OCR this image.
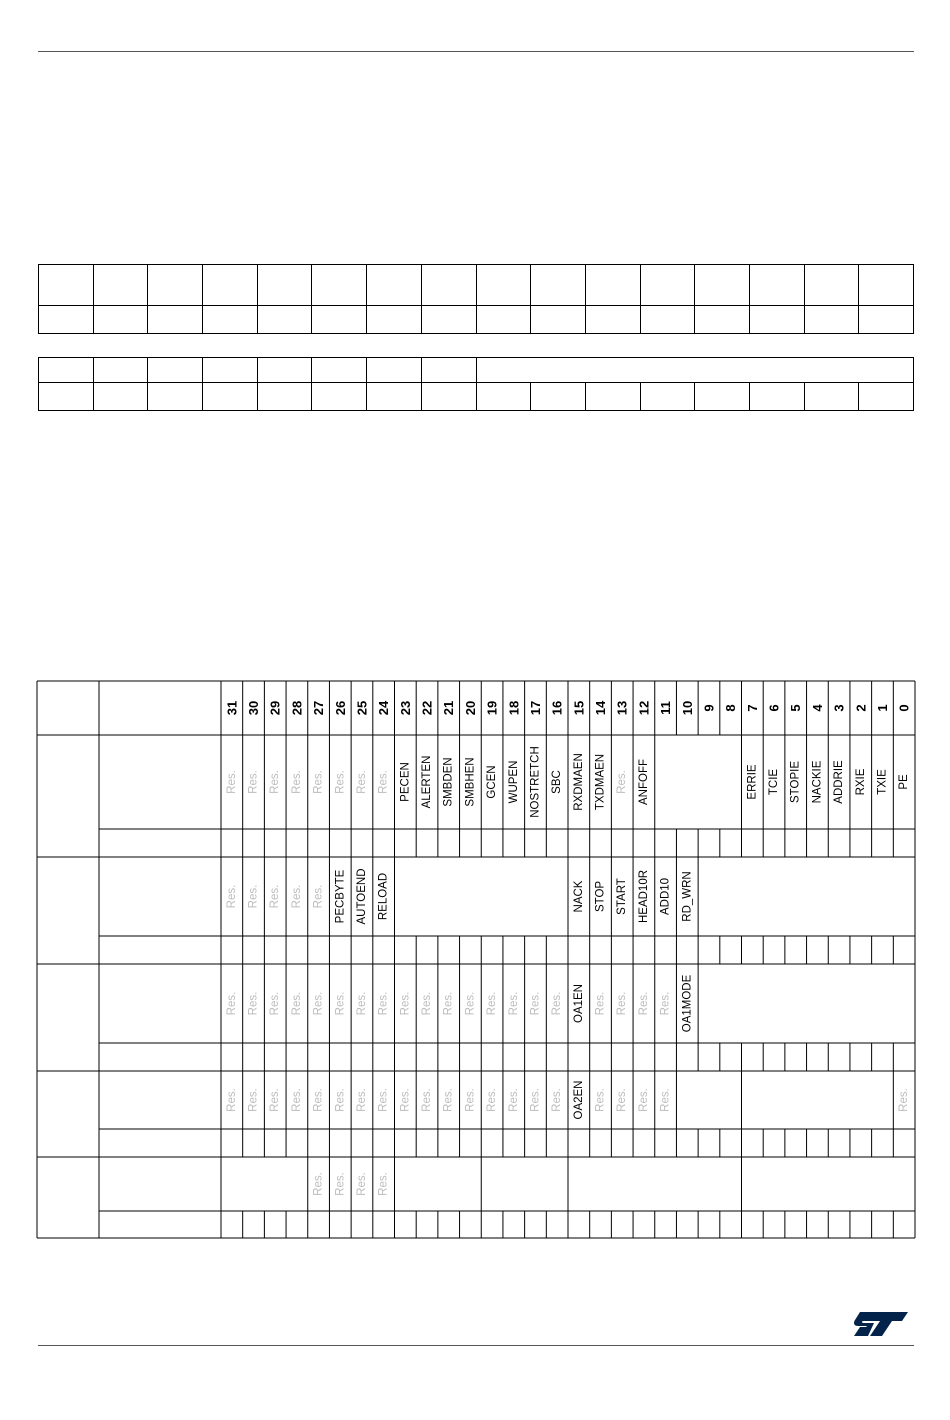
31 30 29 28 27 26 25 24 23 22 21 20 19 18 17 16 15 14 13 12 11 10 9 8 7 6 5 4 3 2 1 0
Res. Res. Res. Res. Res. Res. Res. Res. PECEN ALERTEN SMBDEN SMBHEN GCEN WUPEN NOSTRETCH SBC RXDMAEN TXDMAEN Res. ANFOFF	ERRIE TCIE STOPIE NACKIE ADDRIE RXIE TXIE PE
Res. Res. Res. Res. Res. PECBYTE AUTOEND RELOAD	NACK STOP START HEAD10R ADD10 RD_WRN
Res. Res. Res. Res. Res. Res. Res. Res. Res. Res. Res. Res. Res. Res. Res. Res. OA1EN Res. Res. Res. Res. OA1MODE
Res. Res. Res. Res. Res. Res. Res. Res. Res. Res. Res. Res. Res. Res. Res. Res. OA2EN Res. Res. Res. Res.	Res.
Res. Res. Res. Res.
